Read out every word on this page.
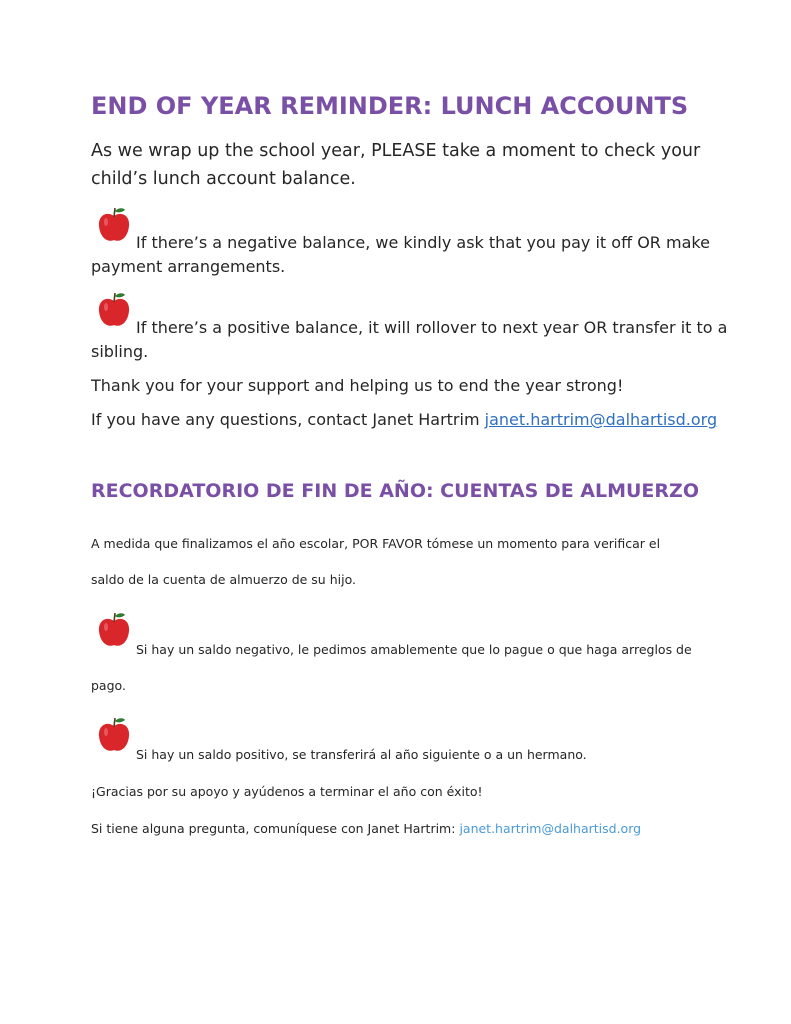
END OF YEAR REMINDER: LUNCH ACCOUNTS
As we wrap up the school year, PLEASE take a moment to check your
child’s lunch account balance.
If there’s a negative balance, we kindly ask that you pay it off OR make
payment arrangements.
If there’s a positive balance, it will rollover to next year OR transfer it to a
sibling.
Thank you for your support and helping us to end the year strong!
If you have any questions, contact Janet Hartrim janet.hartrim@dalhartisd.org
RECORDATORIO DE FIN DE AÑO: CUENTAS DE ALMUERZO
A medida que finalizamos el año escolar, POR FAVOR tómese un momento para verificar el
saldo de la cuenta de almuerzo de su hijo.
Si hay un saldo negativo, le pedimos amablemente que lo pague o que haga arreglos de
pago.
Si hay un saldo positivo, se transferirá al año siguiente o a un hermano.
¡Gracias por su apoyo y ayúdenos a terminar el año con éxito!
Si tiene alguna pregunta, comuníquese con Janet Hartrim: janet.hartrim@dalhartisd.org
